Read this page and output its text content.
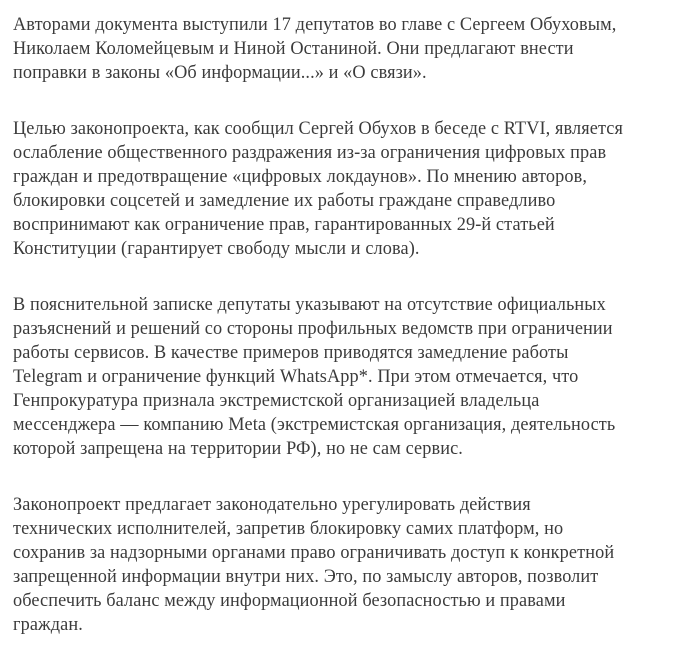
Авторами документа выступили 17 депутатов во главе с Сергеем Обуховым,
Николаем Коломейцевым и Ниной Останиной. Они предлагают внести
поправки в законы «Об информации...» и «О связи».

Целью законопроекта, как сообщил Сергей Обухов в беседе с RTVI, является
ослабление общественного раздражения из-за ограничения цифровых прав
граждан и предотвращение «цифровых локдаунов». По мнению авторов,
блокировки соцсетей и замедление их работы граждане справедливо
воспринимают как ограничение прав, гарантированных 29-й статьей
Конституции (гарантирует свободу мысли и слова).

В пояснительной записке депутаты указывают на отсутствие официальных
разъяснений и решений со стороны профильных ведомств при ограничении
работы сервисов. В качестве примеров приводятся замедление работы
Telegram и ограничение функций WhatsApp*. При этом отмечается, что
Генпрокуратура признала экстремистской организацией владельца
мессенджера — компанию Meta (экстремистская организация, деятельность
которой запрещена на территории РФ), но не сам сервис.

Законопроект предлагает законодательно урегулировать действия
технических исполнителей, запретив блокировку самих платформ, но
сохранив за надзорными органами право ограничивать доступ к конкретной
запрещенной информации внутри них. Это, по замыслу авторов, позволит
обеспечить баланс между информационной безопасностью и правами
граждан.
